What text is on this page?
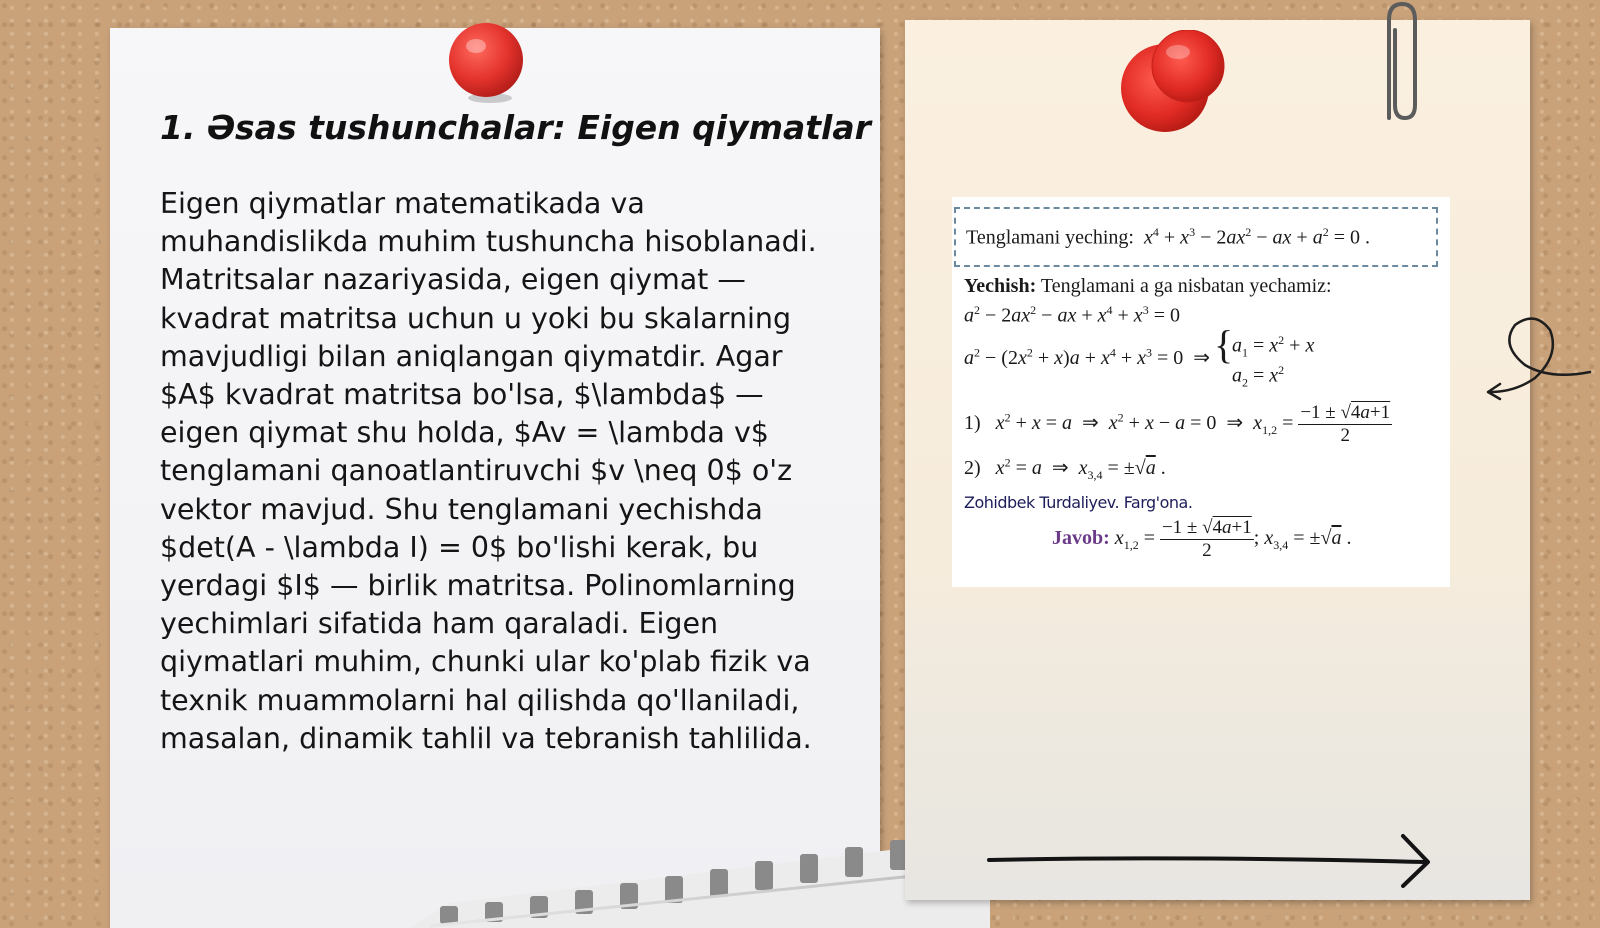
1. Əsas tushunchalar: Eigen qiymatlar

Eigen qiymatlar matematikada va muhandislikda muhim tushuncha hisoblanadi. Matritsalar nazariyasida, eigen qiymat — kvadrat matritsa uchun u yoki bu skalarning mavjudligi bilan aniqlangan qiymatdir. Agar $A$ kvadrat matritsa bo'lsa, $\lambda$ — eigen qiymat shu holda, $Av = \lambda v$ tenglamani qanoatlantiruvchi $v \neq 0$ o'z vektor mavjud. Shu tenglamani yechishda $det(A - \lambda I) = 0$ bo'lishi kerak, bu yerdagi $I$ — birlik matritsa. Polinomlarning yechimlari sifatida ham qaraladi. Eigen qiymatlari muhim, chunki ular ko'plab fizik va texnik muammolarni hal qilishda qo'llaniladi, masalan, dinamik tahlil va tebranish tahlilida.

Tenglamani yeching:  $x^4 + x^3 - 2ax^2$ − ax + $a^2 = 0$ .
Yechish: Tenglamani a ga nisbatan yechamiz:
$a^2 - 2ax^2$ − ax + $x^4 + x^3 = 0$
$a^2 - (2x^2 + x)a + x^4 + x^3 = 0$  ⇒ {
$a_1 = x^2 + x$
$a_2 = x^2$
1) $x^2 + x = a$  ⇒  $x^2 + x - a = 0$  ⇒  $x_{1,2} = \frac{-1 \pm √4a+1}{2}$
2) $x^2 = a$  ⇒  $x_{3,4} = \pm√a$ .
Zohidbek Turdaliyev. Farg'ona.
Javob: $x_{1,2} = \frac{-1 \pm √4a+1}{2}$ ; $x_{3,4} = \pm√a$ .
